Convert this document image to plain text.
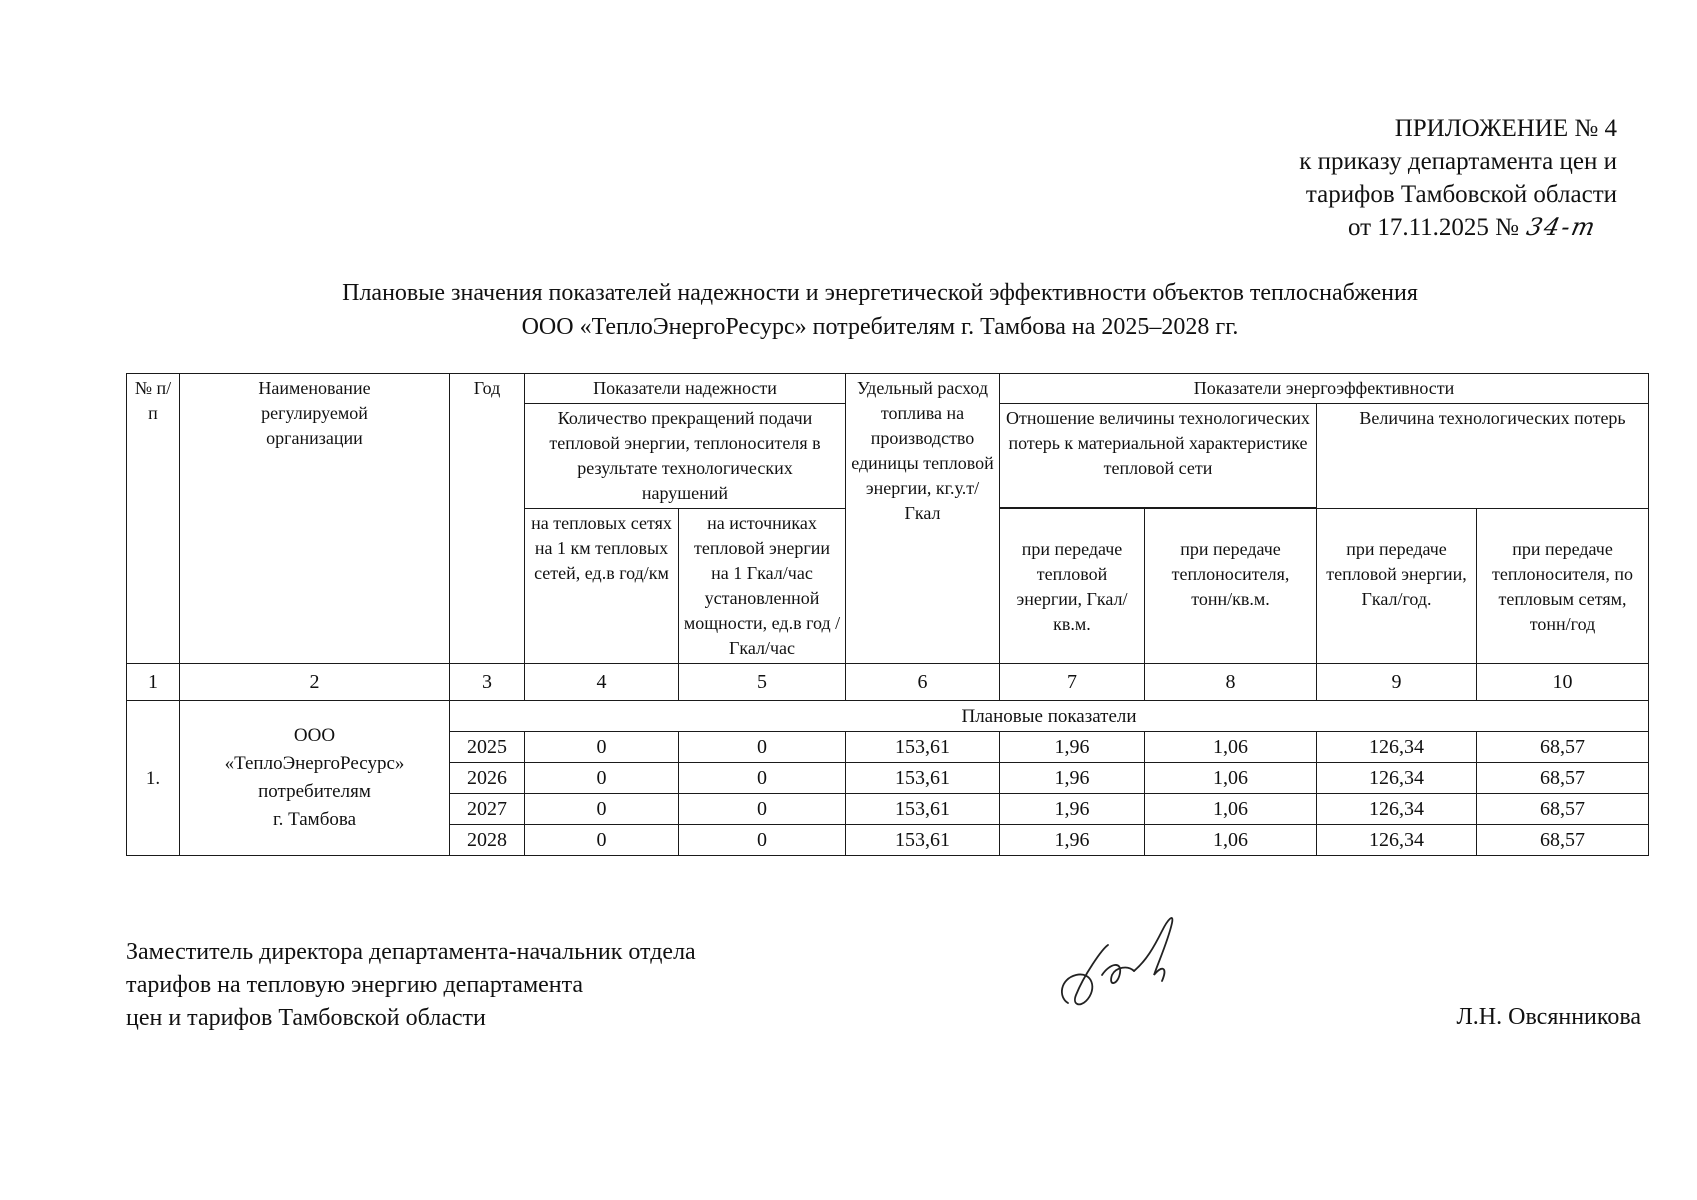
ПРИЛОЖЕНИЕ № 4
к приказу департамента цен и
тарифов Тамбовской области
от 17.11.2025 № 34-т
Плановые значения показателей надежности и энергетической эффективности объектов теплоснабжения
ООО «ТеплоЭнергоРесурс» потребителям г. Тамбова на 2025–2028 гг.
№ п/п	Наименование регулируемой организации	Год	Показатели надежности		Удельный расход топлива на производство единицы тепловой энергии, кг.у.т/Гкал	Показатели энергоэффективности			
			Количество прекращений подачи тепловой энергии, теплоносителя в результате технологических нарушений			Отношение величины технологических потерь к материальной характеристике тепловой сети		Величина технологических потерь	

			на тепловых сетях на 1 км тепловых сетей, ед.в год/км	на источниках тепловой энергии на 1 Гкал/час установленной мощности, ед.в год /Гкал/час		при передаче тепловой энергии, Гкал/кв.м.	при передаче теплоносителя, тонн/кв.м.	при передаче тепловой энергии, Гкал/год.	при передаче теплоносителя, по тепловым сетям, тонн/год
1	2	3	4	5	6	7	8	9	10
1.	ООО
«ТеплоЭнергоРесурс»
потребителям
г. Тамбова	Плановые показатели							
		2025	0	0	153,61	1,96	1,06	126,34	68,57
		2026	0	0	153,61	1,96	1,06	126,34	68,57
		2027	0	0	153,61	1,96	1,06	126,34	68,57
		2028	0	0	153,61	1,96	1,06	126,34	68,57
Заместитель директора департамента-начальник отдела
тарифов на тепловую энергию департамента
цен и тарифов Тамбовской области	Л.Н. Овсянникова
